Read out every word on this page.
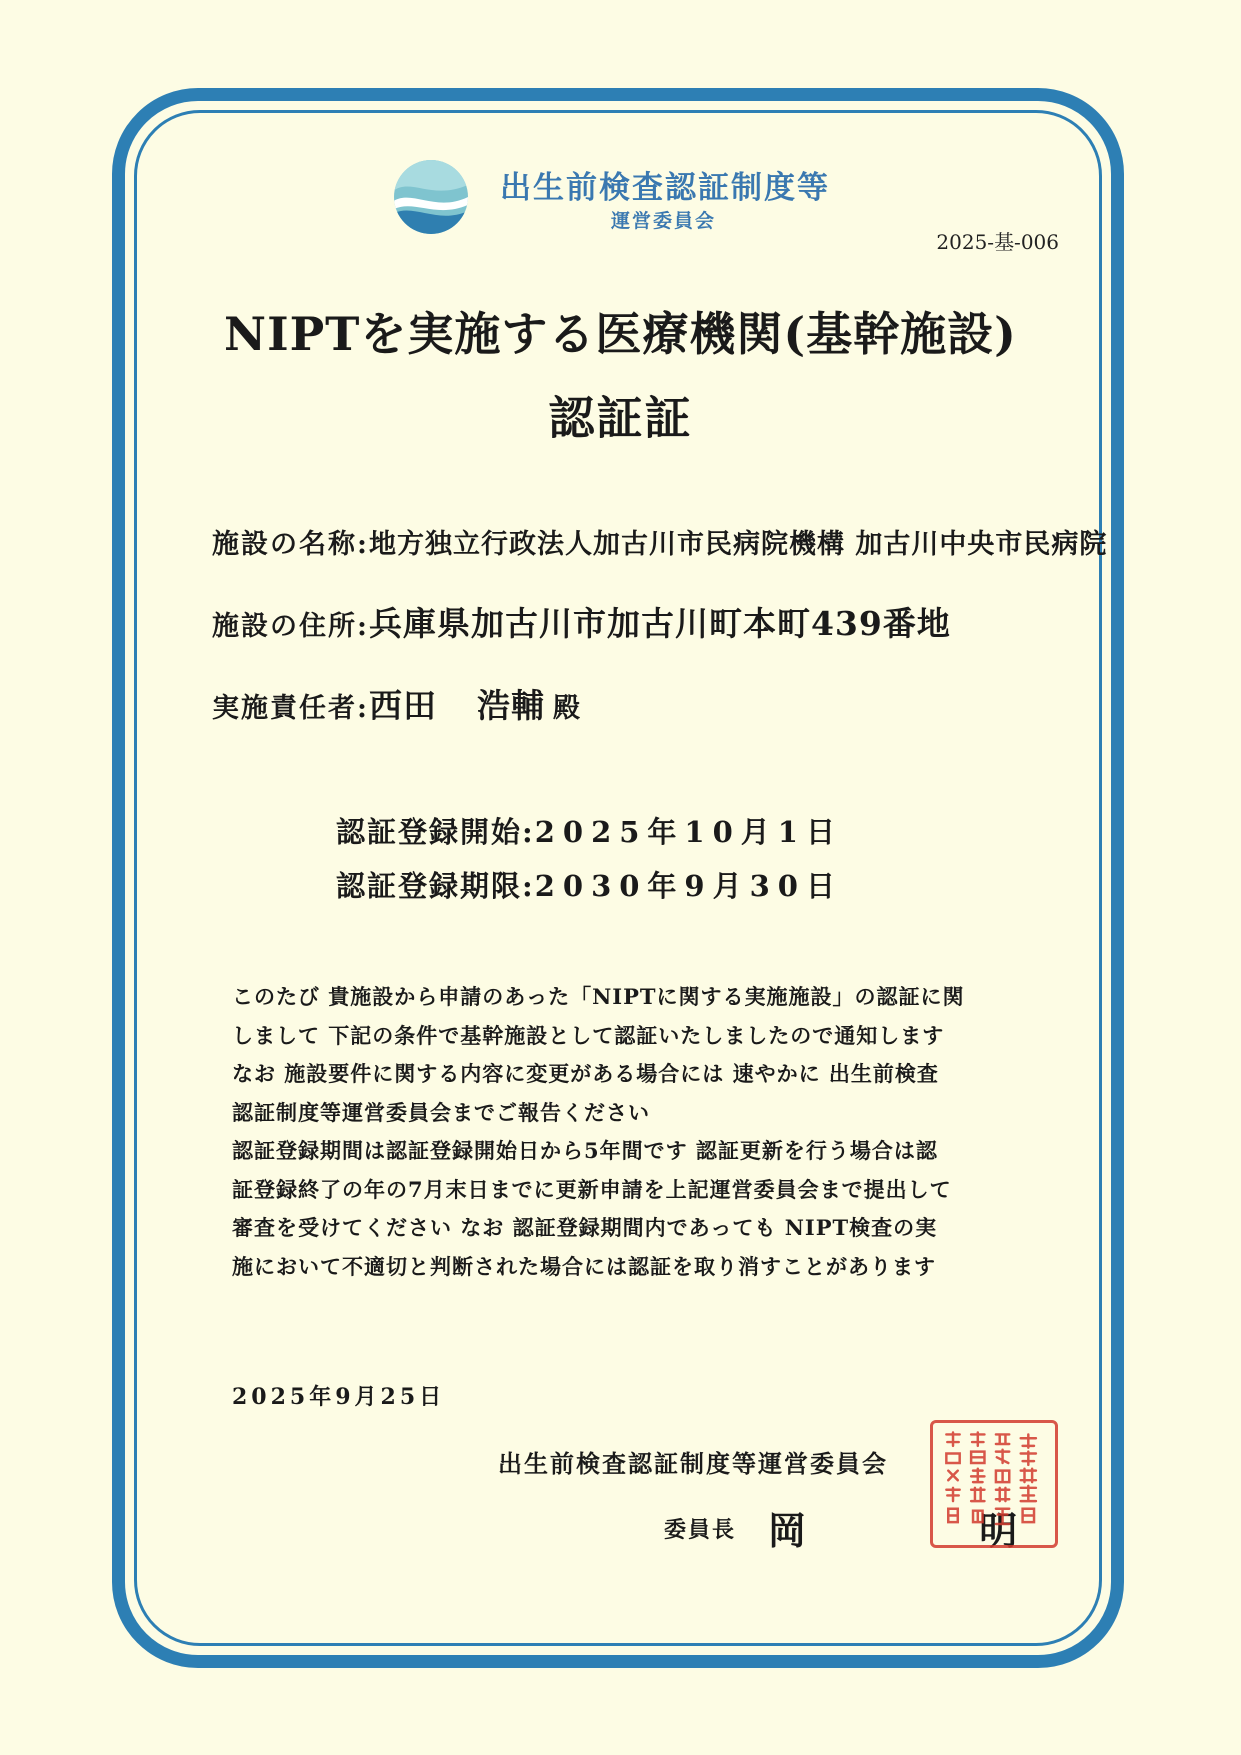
出生前検査認証制度等
運営委員会
2025-基-006
NIPTを実施する医療機関(基幹施設)
認証証
施設の名称:地方独立行政法人加古川市民病院機構 加古川中央市民病院
施設の住所:兵庫県加古川市加古川町本町439番地
実施責任者:西田 浩輔 殿
認証登録開始:2025年10月1日
認証登録期限:2030年9月30日
このたび 貴施設から申請のあった「NIPTに関する実施施設」の認証に関
しまして 下記の条件で基幹施設として認証いたしましたので通知します
なお 施設要件に関する内容に変更がある場合には 速やかに 出生前検査
認証制度等運営委員会までご報告ください
認証登録期間は認証登録開始日から5年間です 認証更新を行う場合は認
証登録終了の年の7月末日までに更新申請を上記運営委員会まで提出して
審査を受けてください なお 認証登録期間内であっても NIPT検査の実
施において不適切と判断された場合には認証を取り消すことがあります
2025年9月25日
出生前検査認証制度等運営委員会
委員長 岡 明
